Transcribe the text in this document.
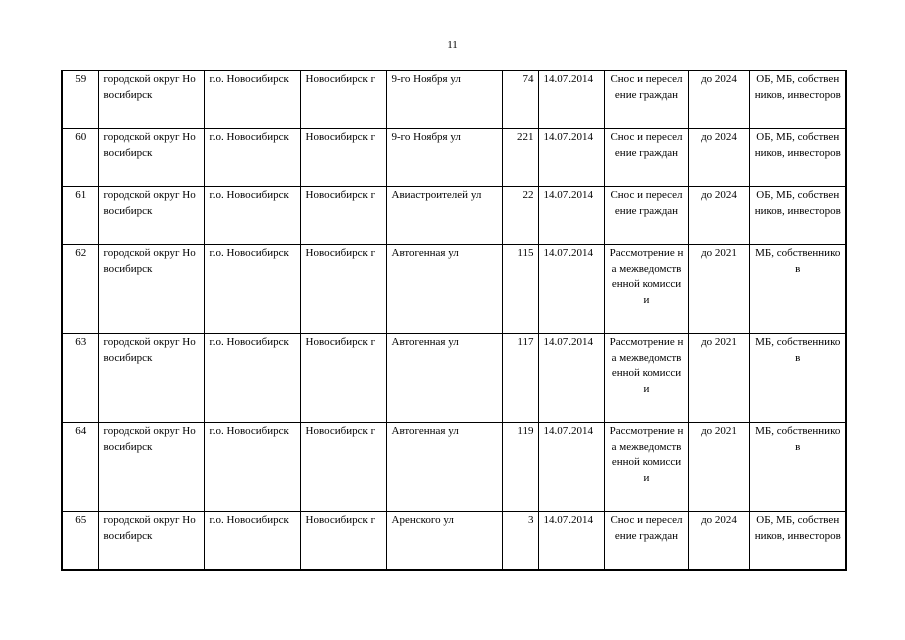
11
59	городской округ Новосибирск	г.о. Новосибирск	Новосибирск г	9-го Ноября ул	74	14.07.2014	Снос и переселение граждан	до 2024	ОБ, МБ, собственников, инвесторов
60	городской округ Новосибирск	г.о. Новосибирск	Новосибирск г	9-го Ноября ул	221	14.07.2014	Снос и переселение граждан	до 2024	ОБ, МБ, собственников, инвесторов
61	городской округ Новосибирск	г.о. Новосибирск	Новосибирск г	Авиастроителей ул	22	14.07.2014	Снос и переселение граждан	до 2024	ОБ, МБ, собственников, инвесторов
62	городской округ Новосибирск	г.о. Новосибирск	Новосибирск г	Автогенная ул	115	14.07.2014	Рассмотрение на межведомственной комиссии	до 2021	МБ, собственников
63	городской округ Новосибирск	г.о. Новосибирск	Новосибирск г	Автогенная ул	117	14.07.2014	Рассмотрение на межведомственной комиссии	до 2021	МБ, собственников
64	городской округ Новосибирск	г.о. Новосибирск	Новосибирск г	Автогенная ул	119	14.07.2014	Рассмотрение на межведомственной комиссии	до 2021	МБ, собственников
65	городской округ Новосибирск	г.о. Новосибирск	Новосибирск г	Аренского ул	3	14.07.2014	Снос и переселение граждан	до 2024	ОБ, МБ, собственников, инвесторов
